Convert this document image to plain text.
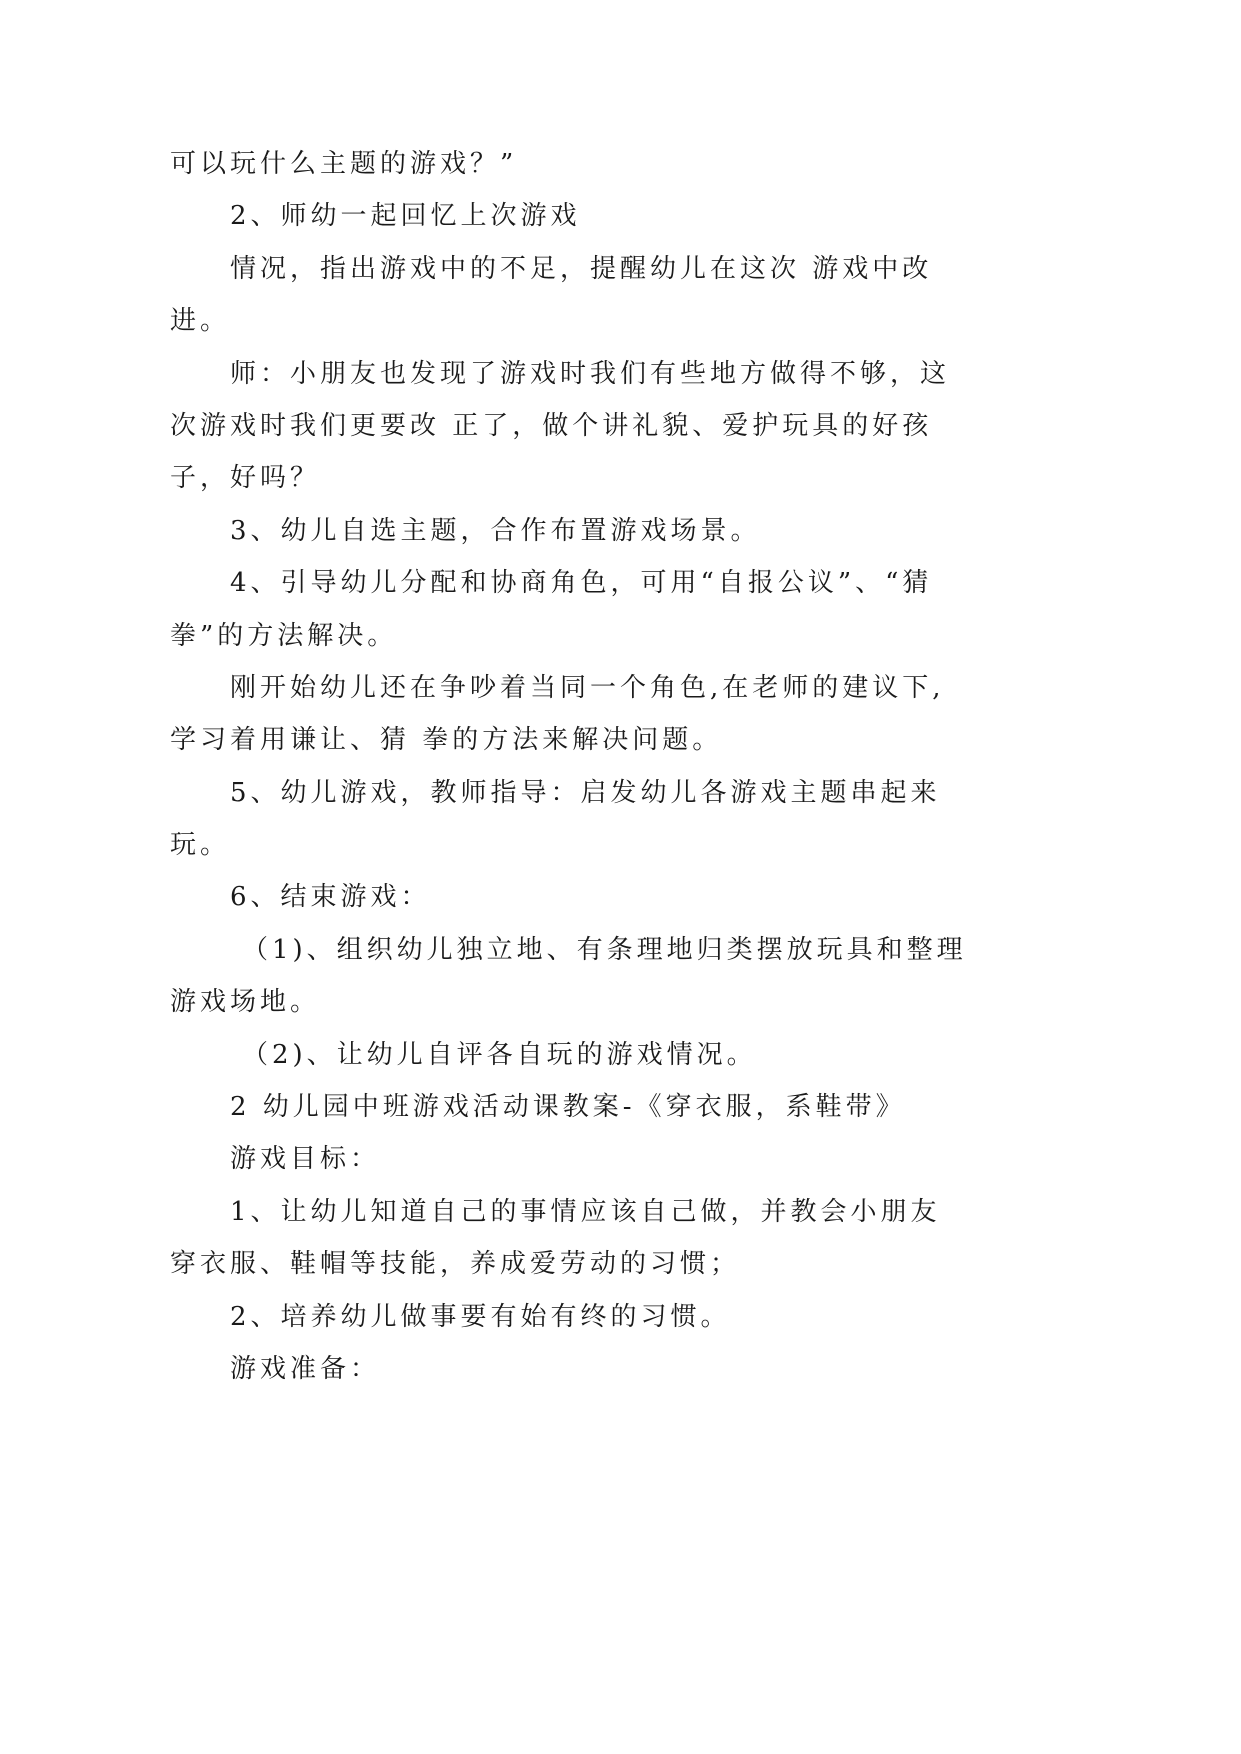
可以玩什么主题的游戏？”
2、师幼一起回忆上次游戏
情况，指出游戏中的不足，提醒幼儿在这次 游戏中改
进。
师：小朋友也发现了游戏时我们有些地方做得不够，这
次游戏时我们更要改 正了，做个讲礼貌、爱护玩具的好孩
子，好吗？
3、幼儿自选主题，合作布置游戏场景。
4、引导幼儿分配和协商角色，可用“自报公议”、“猜
拳”的方法解决。
刚开始幼儿还在争吵着当同一个角色,在老师的建议下,
学习着用谦让、猜 拳的方法来解决问题。
5、幼儿游戏，教师指导：启发幼儿各游戏主题串起来
玩。
6、结束游戏：
（1)、组织幼儿独立地、有条理地归类摆放玩具和整理
游戏场地。
（2)、让幼儿自评各自玩的游戏情况。
2 幼儿园中班游戏活动课教案-《穿衣服，系鞋带》
游戏目标：
1、让幼儿知道自己的事情应该自己做，并教会小朋友
穿衣服、鞋帽等技能，养成爱劳动的习惯；
2、培养幼儿做事要有始有终的习惯。
游戏准备：
